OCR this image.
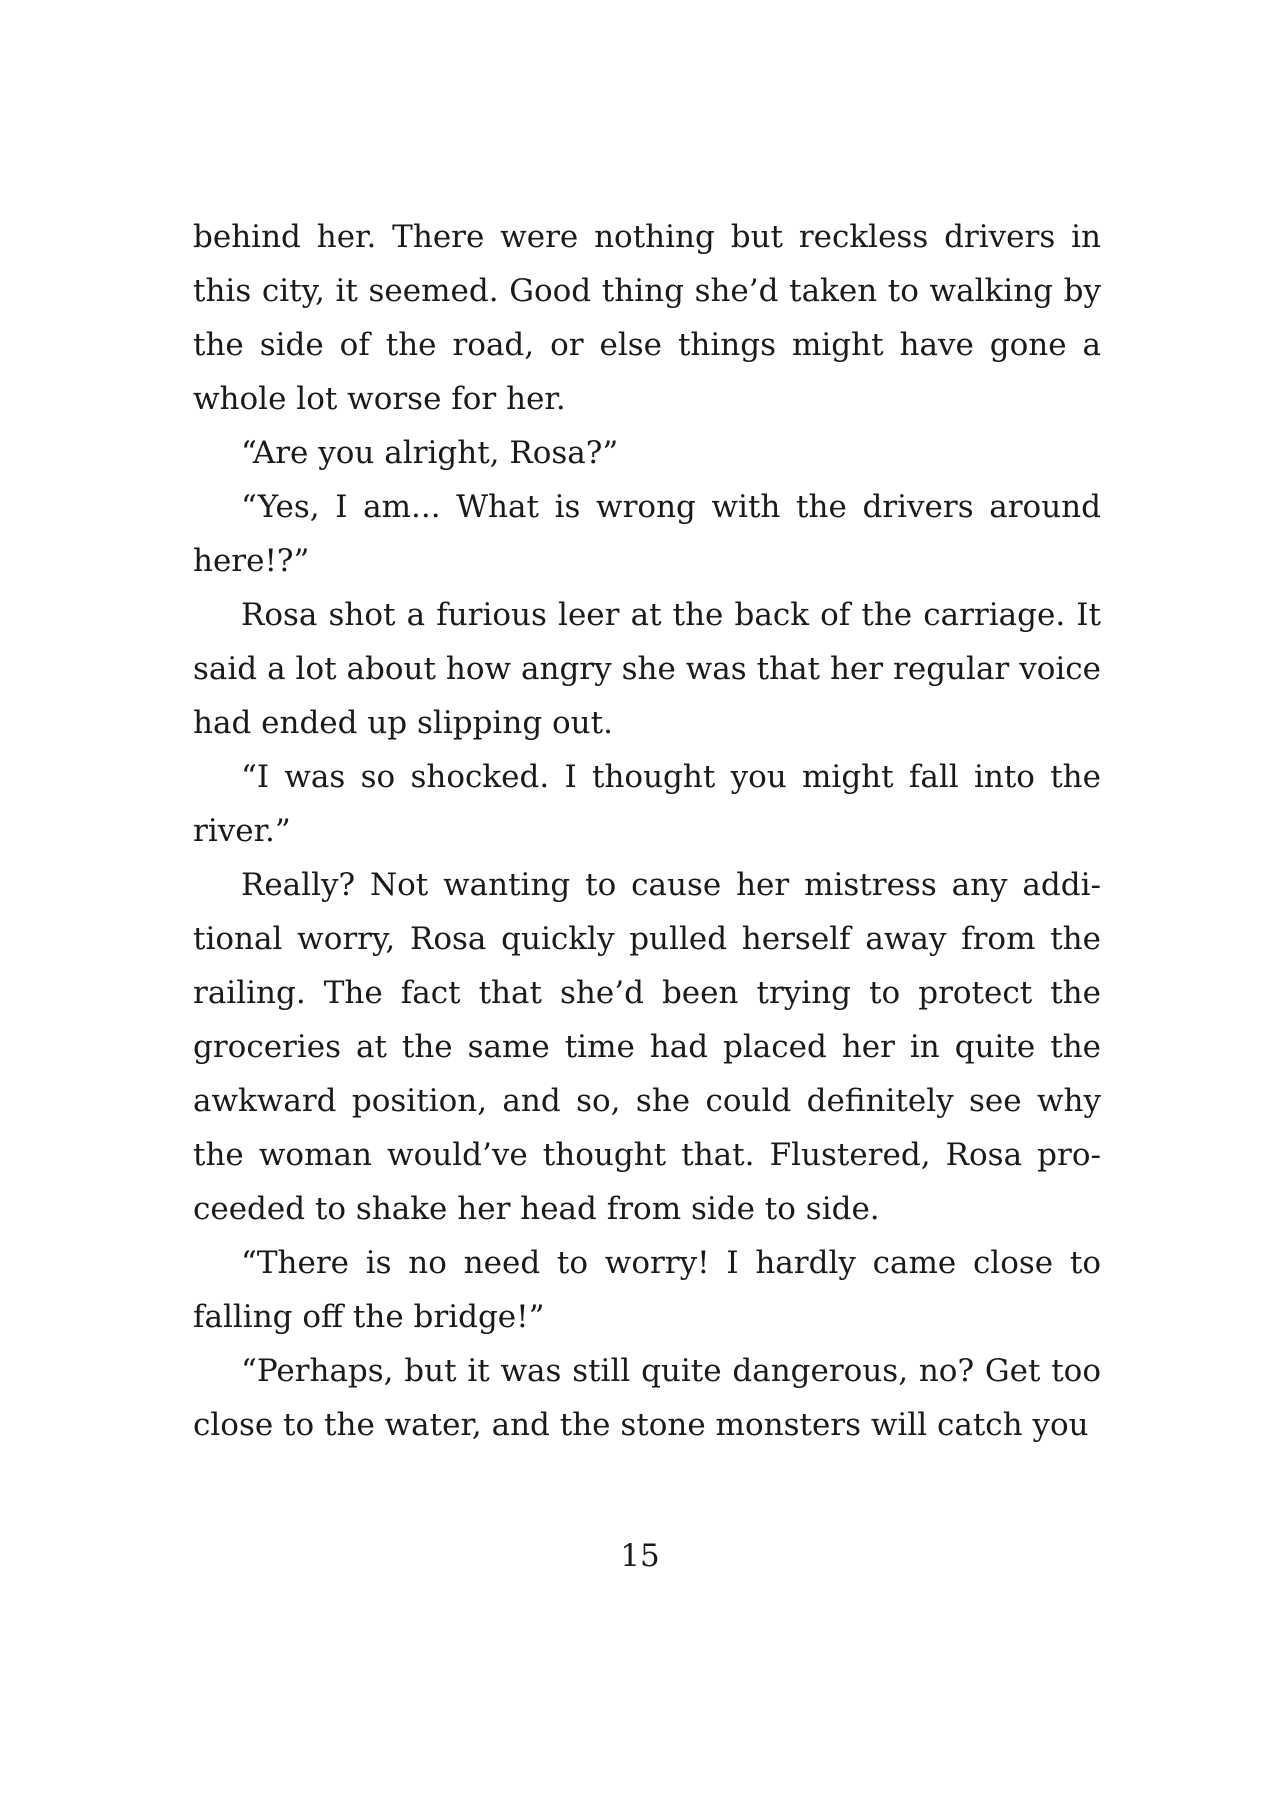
behind her. There were nothing but reckless drivers in this city, it seemed. Good thing she’d taken to walking by the side of the road, or else things might have gone a whole lot worse for her.

“Are you alright, Rosa?”

“Yes, I am... What is wrong with the drivers around here!?”

Rosa shot a furious leer at the back of the carriage. It said a lot about how angry she was that her regular voice had ended up slipping out.

“I was so shocked. I thought you might fall into the river.”

Really? Not wanting to cause her mistress any additional worry, Rosa quickly pulled herself away from the railing. The fact that she’d been trying to protect the groceries at the same time had placed her in quite the awkward position, and so, she could definitely see why the woman would’ve thought that. Flustered, Rosa proceeded to shake her head from side to side.

“There is no need to worry! I hardly came close to falling off the bridge!”

“Perhaps, but it was still quite dangerous, no? Get too close to the water, and the stone monsters will catch you

15
